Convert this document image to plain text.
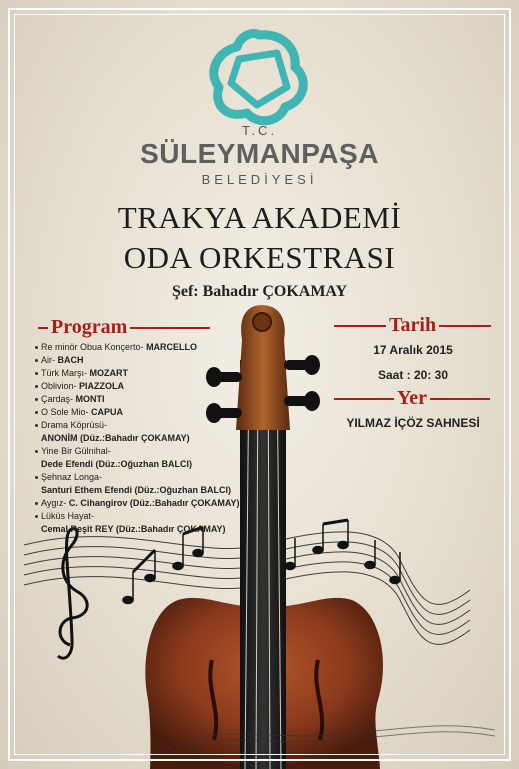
T.C.
SÜLEYMANPAŞA
BELEDİYESİ
TRAKYA AKADEMİ
ODA ORKESTRASI
Şef: Bahadır ÇOKAMAY
Program
Re minör Obua Konçerto- MARCELLO
Air- BACH
Türk Marşı- MOZART
Oblivion- PIAZZOLA
Çardaş- MONTI
O Sole Mio- CAPUA
Drama Köprüsü-
ANONİM (Düz.:Bahadır ÇOKAMAY)
Yine Bir Gülnihal-
Dede Efendi (Düz.:Oğuzhan BALCI)
Şehnaz Longa-
Santuri Ethem Efendi (Düz.:Oğuzhan BALCI)
Aygız- C. Cihangirov (Düz.:Bahadır ÇOKAMAY)
Lüküs Hayat-
Cemal Reşit REY (Düz.:Bahadır ÇOKAMAY)
Tarih
17 Aralık 2015
Saat : 20: 30
Yer
YILMAZ İÇÖZ SAHNESİ
